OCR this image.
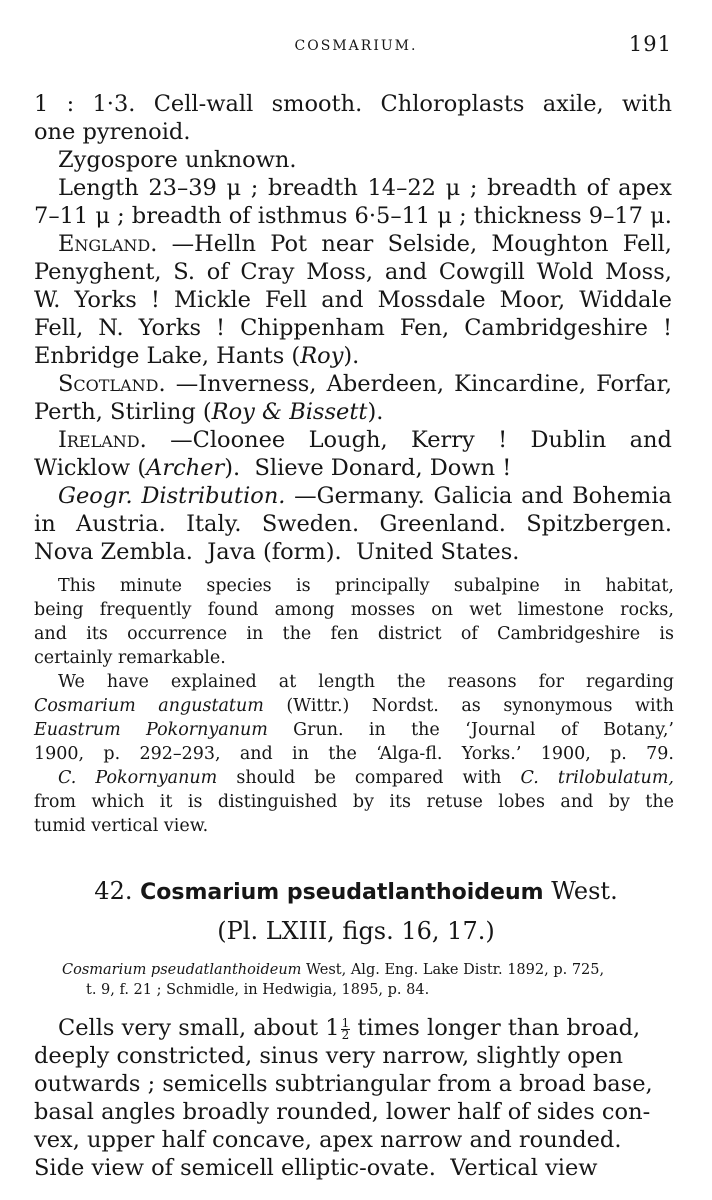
COSMARIUM.	191
1 : 1·3. Cell-wall smooth. Chloroplasts axile, with
one pyrenoid.
Zygospore unknown.
Length 23–39 μ ; breadth 14–22 μ ; breadth of apex
7–11 μ ; breadth of isthmus 6·5–11 μ ; thickness 9–17 μ.
England. —Helln Pot near Selside, Moughton Fell,
Penyghent, S. of Cray Moss, and Cowgill Wold Moss,
W. Yorks ! Mickle Fell and Mossdale Moor, Widdale
Fell, N. Yorks ! Chippenham Fen, Cambridgeshire !
Enbridge Lake, Hants ( Roy ).
Scotland. —Inverness, Aberdeen, Kincardine, Forfar,
Perth, Stirling ( Roy & Bissett ).
Ireland. —Cloonee Lough, Kerry ! Dublin and
Wicklow ( Archer ).  Slieve Donard, Down !
Geogr. Distribution. —Germany. Galicia and Bohemia
in Austria. Italy. Sweden. Greenland. Spitzbergen.
Nova Zembla.  Java (form).  United States.
This minute species is principally subalpine in habitat,
being frequently found among mosses on wet limestone rocks,
and its occurrence in the fen district of Cambridgeshire is
certainly remarkable.
We have explained at length the reasons for regarding
Cosmarium angustatum (Wittr.) Nordst. as synonymous with
Euastrum Pokornyanum Grun. in the ‘Journal of Botany,’
1900, p. 292–293, and in the ‘Alga-fl. Yorks.’ 1900, p. 79.
C. Pokornyanum should be compared with C. trilobulatum,
from which it is distinguished by its retuse lobes and by the
tumid vertical view.
42. Cosmarium pseudatlanthoideum West.
(Pl. LXIII, figs. 16, 17.)
Cosmarium pseudatlanthoideum West, Alg. Eng. Lake Distr. 1892, p. 725,
t. 9, f. 21 ; Schmidle, in Hedwigia, 1895, p. 84.
Cells very small, about $1 \frac{1}{2}$ times longer than broad,
deeply constricted, sinus very narrow, slightly open
outwards ; semicells subtriangular from a broad base,
basal angles broadly rounded, lower half of sides con-
vex, upper half concave, apex narrow and rounded.
Side view of semicell elliptic-ovate.  Vertical view
